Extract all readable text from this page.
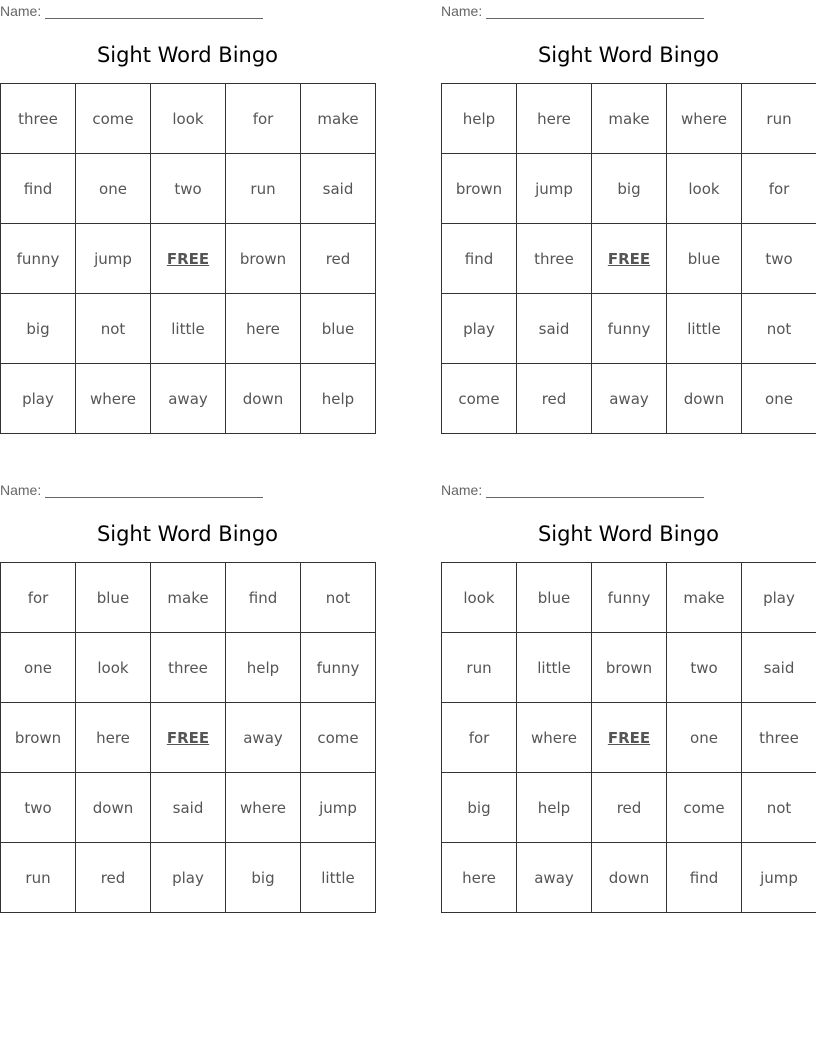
Name:
Sight Word Bingo
three	come	look	for	make
find	one	two	run	said
funny	jump	FREE	brown	red
big	not	little	here	blue
play	where	away	down	help
Name:
Sight Word Bingo
help	here	make	where	run
brown	jump	big	look	for
find	three	FREE	blue	two
play	said	funny	little	not
come	red	away	down	one
Name:
Sight Word Bingo
for	blue	make	find	not
one	look	three	help	funny
brown	here	FREE	away	come
two	down	said	where	jump
run	red	play	big	little
Name:
Sight Word Bingo
look	blue	funny	make	play
run	little	brown	two	said
for	where	FREE	one	three
big	help	red	come	not
here	away	down	find	jump
